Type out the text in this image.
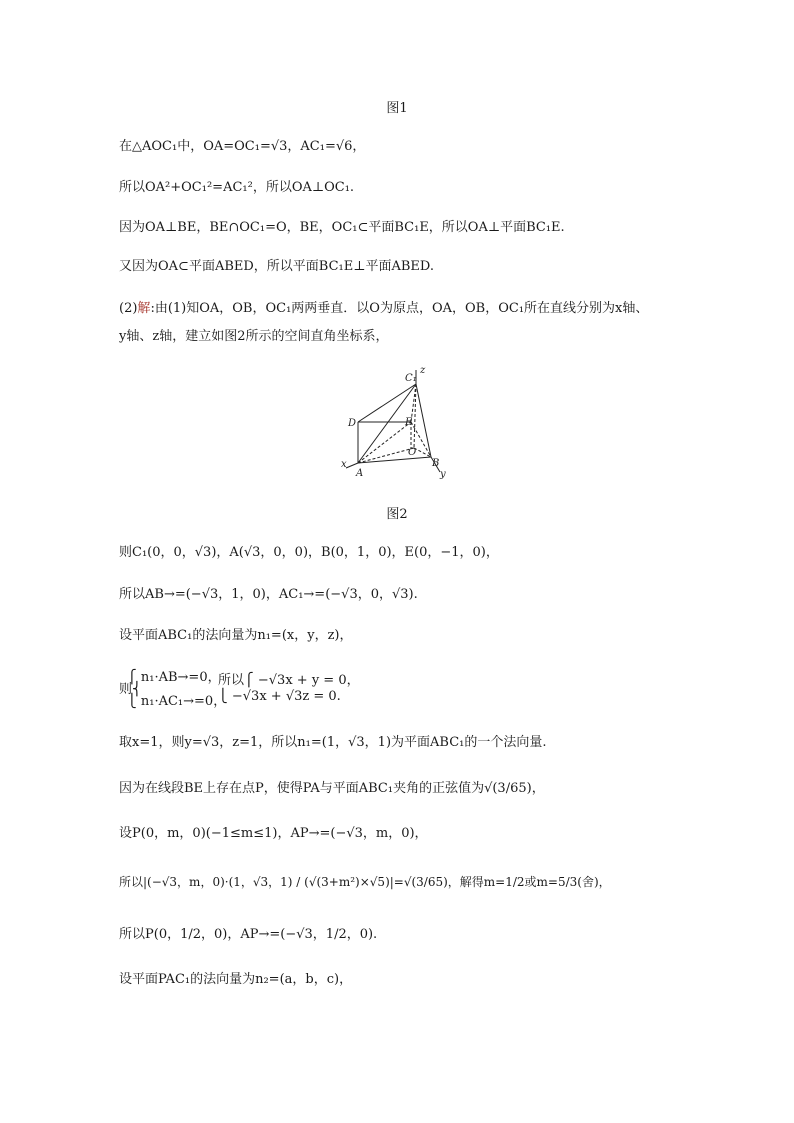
图1
在△AOC₁中，OA=OC₁=√3，AC₁=√6，
所以OA²+OC₁²=AC₁²，所以OA⊥OC₁.
因为OA⊥BE，BE∩OC₁=O，BE，OC₁⊂平面BC₁E，所以OA⊥平面BC₁E.
又因为OA⊂平面ABED，所以平面BC₁E⊥平面ABED.
(2)解:由(1)知OA，OB，OC₁两两垂直．以O为原点，OA，OB，OC₁所在直线分别为x轴、
y轴、z轴，建立如图2所示的空间直角坐标系，
C₁
z
D	E
O
x
A
B
y
图2
则C₁(0，0，√3)，A(√3，0，0)，B(0，1，0)，E(0，−1，0)，
所以AB→=(−√3，1，0)，AC₁→=(−√3，0，√3).
设平面ABC₁的法向量为n₁=(x，y，z)，
⎧ n₁·AB→=0，
则⎨
⎩ n₁·AC₁→=0，
所以⎧ −√3x + y = 0，
⎩ −√3x + √3z = 0.
取x=1，则y=√3，z=1，所以n₁=(1，√3，1)为平面ABC₁的一个法向量.
因为在线段BE上存在点P，使得PA与平面ABC₁夹角的正弦值为√(3/65)，
设P(0，m，0)(−1≤m≤1)，AP→=(−√3，m，0)，
所以|(−√3，m，0)·(1，√3，1) / (√(3+m²)×√5)|=√(3/65)，解得m=1/2或m=5/3(舍)，
所以P(0，1/2，0)，AP→=(−√3，1/2，0).
设平面PAC₁的法向量为n₂=(a，b，c)，
